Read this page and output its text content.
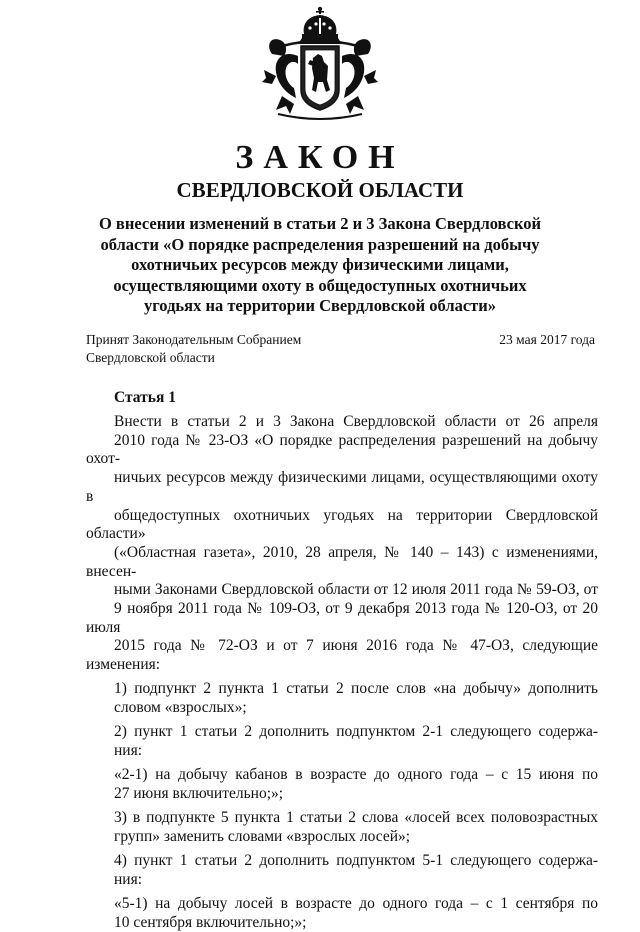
ЗАКОН
СВЕРДЛОВСКОЙ ОБЛАСТИ
О внесении изменений в статьи 2 и 3 Закона Свердловской
области «О порядке распределения разрешений на добычу
охотничьих ресурсов между физическими лицами,
осуществляющими охоту в общедоступных охотничьих
угодьях на территории Свердловской области»
Принят Законодательным Собранием
Свердловской области
23 мая 2017 года
Статья 1

Внести в статьи 2 и 3 Закона Свердловской области от 26 апреля
2010 года № 23-ОЗ «О порядке распределения разрешений на добычу охот-
ничьих ресурсов между физическими лицами, осуществляющими охоту в
общедоступных охотничьих угодьях на территории Свердловской области»
(«Областная газета», 2010, 28 апреля, № 140 – 143) с изменениями, внесен-
ными Законами Свердловской области от 12 июля 2011 года № 59-ОЗ, от
9 ноября 2011 года № 109-ОЗ, от 9 декабря 2013 года № 120-ОЗ, от 20 июля
2015 года № 72-ОЗ и от 7 июня 2016 года № 47-ОЗ, следующие изменения:

1) подпункт 2 пункта 1 статьи 2 после слов «на добычу» дополнить
словом «взрослых»;

2) пункт 1 статьи 2 дополнить подпунктом 2-1 следующего содержа-
ния:

«2-1) на добычу кабанов в возрасте до одного года – с 15 июня по
27 июня включительно;»;

3) в подпункте 5 пункта 1 статьи 2 слова «лосей всех половозрастных
групп» заменить словами «взрослых лосей»;

4) пункт 1 статьи 2 дополнить подпунктом 5-1 следующего содержа-
ния:

«5-1) на добычу лосей в возрасте до одного года – с 1 сентября по
10 сентября включительно;»;
